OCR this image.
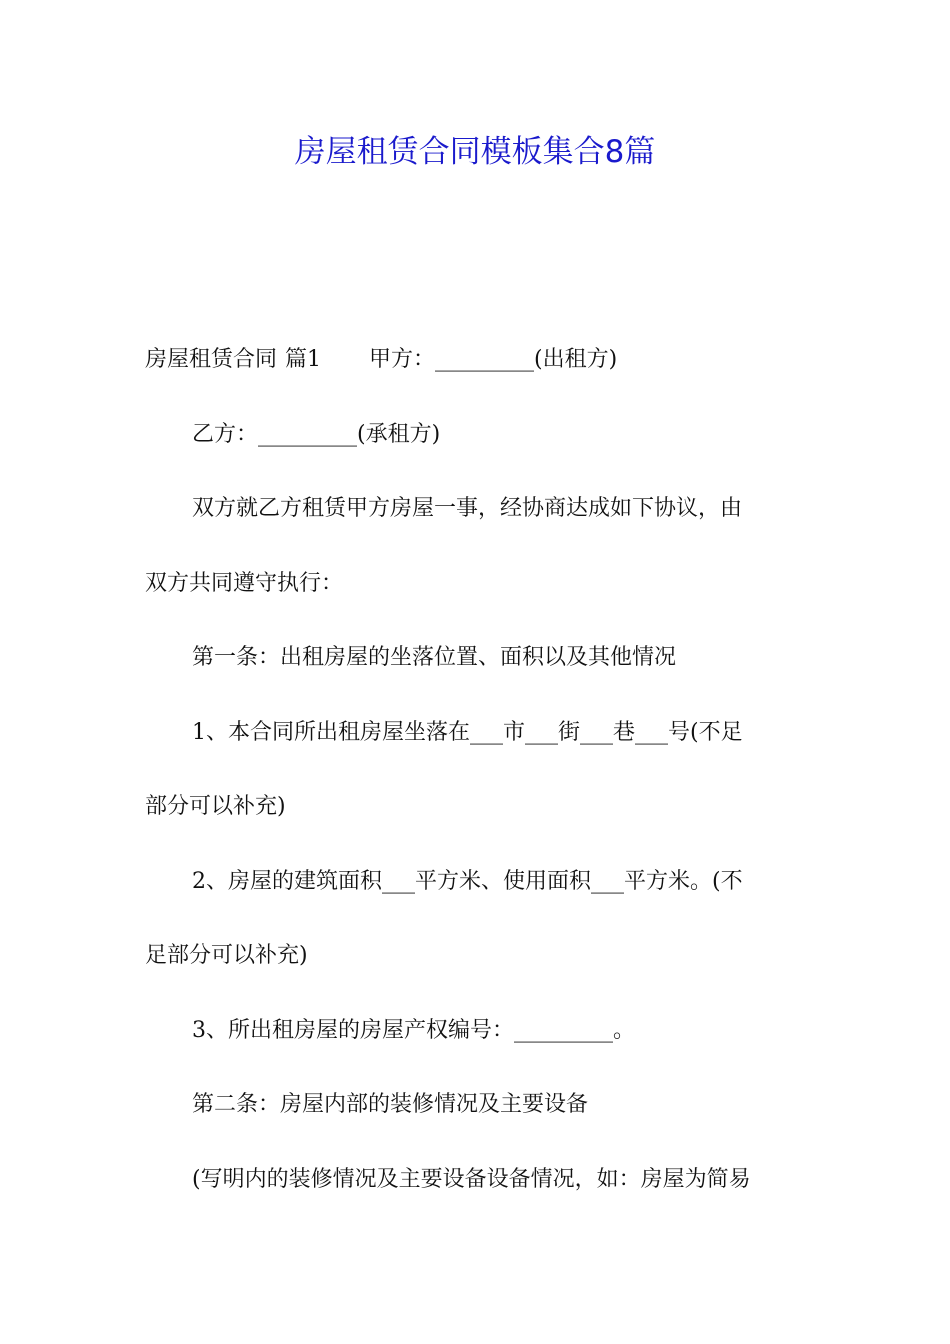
房屋租赁合同模板集合8篇
房屋租赁合同 篇1 甲方：_________(出租方)
乙方：_________(承租方)
双方就乙方租赁甲方房屋一事，经协商达成如下协议，由
双方共同遵守执行：
第一条：出租房屋的坐落位置、面积以及其他情况
1、本合同所出租房屋坐落在___市___街___巷___号(不足
部分可以补充)
2、房屋的建筑面积___平方米、使用面积___平方米。(不
足部分可以补充)
3、所出租房屋的房屋产权编号：_________。
第二条：房屋内部的装修情况及主要设备
(写明内的装修情况及主要设备设备情况，如：房屋为简易
